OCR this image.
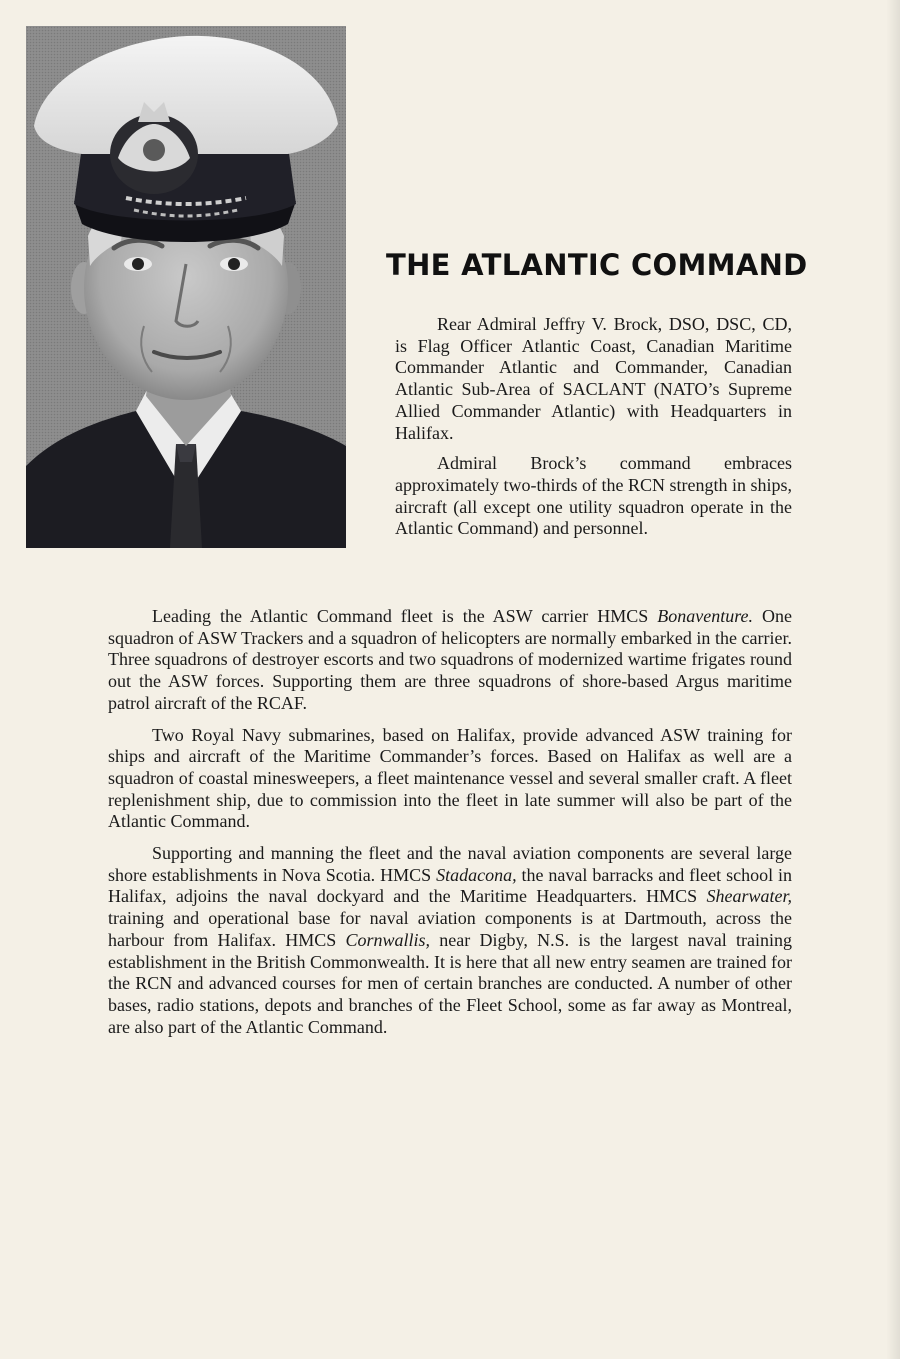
THE ATLANTIC COMMAND

Rear Admiral Jeffry V. Brock, DSO, DSC, CD, is Flag Officer Atlantic Coast, Canadian Maritime Commander Atlantic and Commander, Canadian Atlantic Sub-Area of SACLANT (NATO’s Supreme Allied Commander Atlantic) with Headquarters in Halifax.

Admiral Brock’s command embraces approximately two-thirds of the RCN strength in ships, aircraft (all except one utility squadron operate in the Atlantic Command) and personnel.

Leading the Atlantic Command fleet is the ASW carrier HMCS Bonaventure. One squadron of ASW Trackers and a squadron of helicopters are normally embarked in the carrier. Three squadrons of destroyer escorts and two squadrons of modernized wartime frigates round out the ASW forces. Supporting them are three squadrons of shore-based Argus maritime patrol aircraft of the RCAF.

Two Royal Navy submarines, based on Halifax, provide advanced ASW training for ships and aircraft of the Maritime Commander’s forces. Based on Halifax as well are a squadron of coastal minesweepers, a fleet maintenance vessel and several smaller craft. A fleet replenishment ship, due to commission into the fleet in late summer will also be part of the Atlantic Command.

Supporting and manning the fleet and the naval aviation components are several large shore establishments in Nova Scotia. HMCS Stadacona, the naval barracks and fleet school in Halifax, adjoins the naval dockyard and the Maritime Headquarters. HMCS Shearwater, training and operational base for naval aviation components is at Dartmouth, across the harbour from Halifax. HMCS Cornwallis, near Digby, N.S. is the largest naval training establishment in the British Commonwealth. It is here that all new entry seamen are trained for the RCN and advanced courses for men of certain branches are conducted. A number of other bases, radio stations, depots and branches of the Fleet School, some as far away as Montreal, are also part of the Atlantic Command.
